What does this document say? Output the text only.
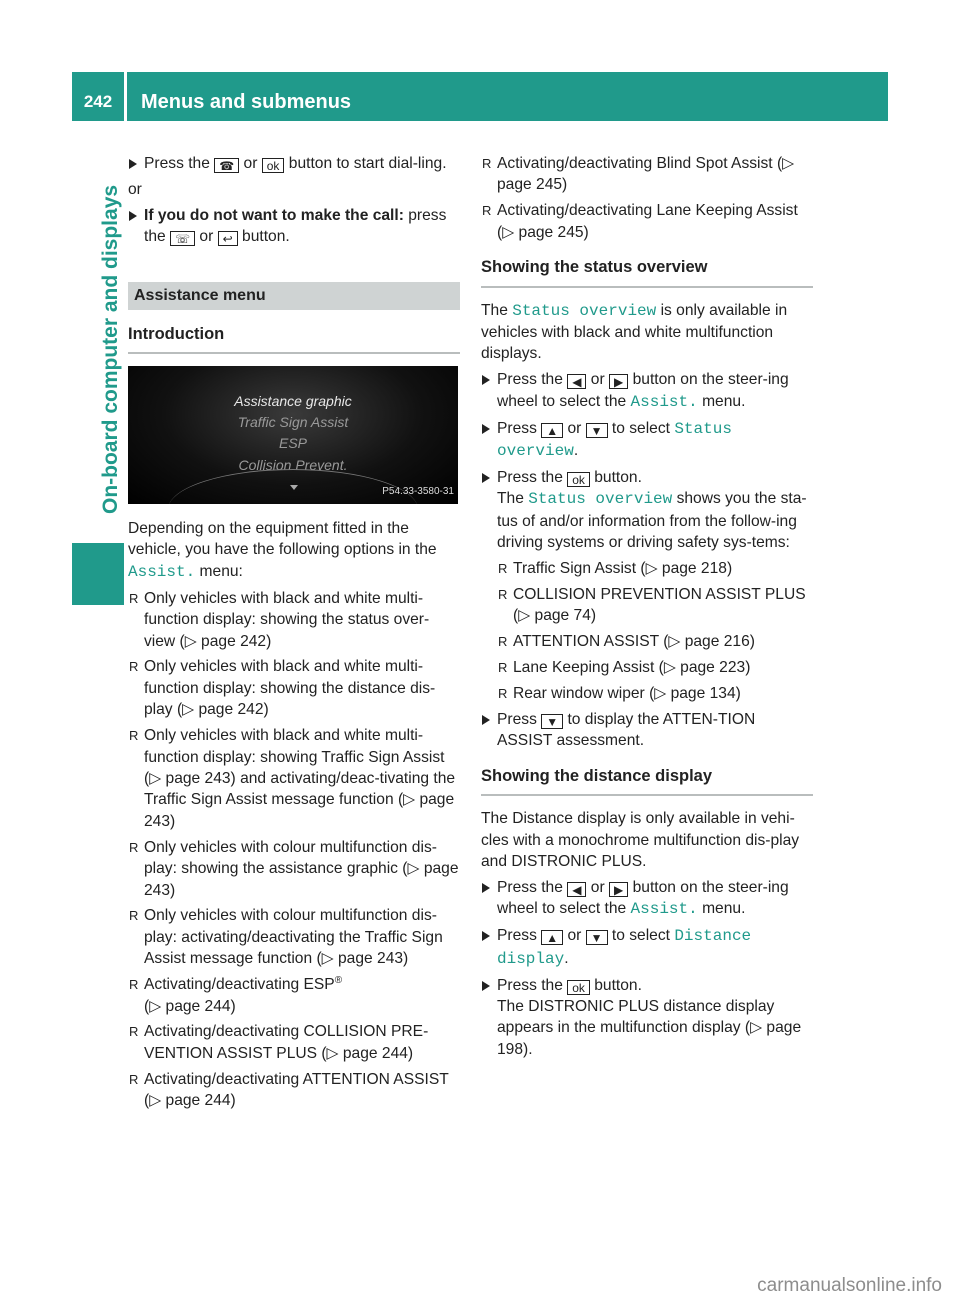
242	Menus and submenus
On-board computer and displays
Press the ☎ or ok button to start dial-ling.

or

If you do not want to make the call: press the ☏ or ↩ button.
Assistance menu
Introduction
Assistance graphic
Traffic Sign Assist
ESP
Collision Prevent.
P54.33-3580-31

Depending on the equipment fitted in the vehicle, you have the following options in the Assist. menu:

R Only vehicles with black and white multi-function display: showing the status over-view (▷ page 242)
R Only vehicles with black and white multi-function display: showing the distance dis-play (▷ page 242)
R Only vehicles with black and white multi-function display: showing Traffic Sign Assist (▷ page 243) and activating/deac-tivating the Traffic Sign Assist message function (▷ page 243)
R Only vehicles with colour multifunction dis-play: showing the assistance graphic (▷ page 243)
R Only vehicles with colour multifunction dis-play: activating/deactivating the Traffic Sign Assist message function (▷ page 243)
R Activating/deactivating ESP®
(▷ page 244)
R Activating/deactivating COLLISION PRE-VENTION ASSIST PLUS (▷ page 244)
R Activating/deactivating ATTENTION ASSIST (▷ page 244)
R Activating/deactivating Blind Spot Assist (▷ page 245)
R Activating/deactivating Lane Keeping Assist (▷ page 245)
Showing the status overview

The Status overview is only available in vehicles with black and white multifunction displays.

Press the ◀ or ▶ button on the steer-ing wheel to select the Assist. menu.
Press ▲ or ▼ to select Status overview.
Press the ok button.
The Status overview shows you the sta-tus of and/or information from the follow-ing driving systems or driving safety sys-tems:
R Traffic Sign Assist (▷ page 218)
R COLLISION PREVENTION ASSIST PLUS (▷ page 74)
R ATTENTION ASSIST (▷ page 216)
R Lane Keeping Assist (▷ page 223)
R Rear window wiper (▷ page 134)
Press ▼ to display the ATTEN-TION ASSIST assessment.
Showing the distance display

The Distance display is only available in vehi-cles with a monochrome multifunction dis-play and DISTRONIC PLUS.

Press the ◀ or ▶ button on the steer-ing wheel to select the Assist. menu.
Press ▲ or ▼ to select Distance display.
Press the ok button.
The DISTRONIC PLUS distance display appears in the multifunction display (▷ page 198).
carmanualsonline.info
